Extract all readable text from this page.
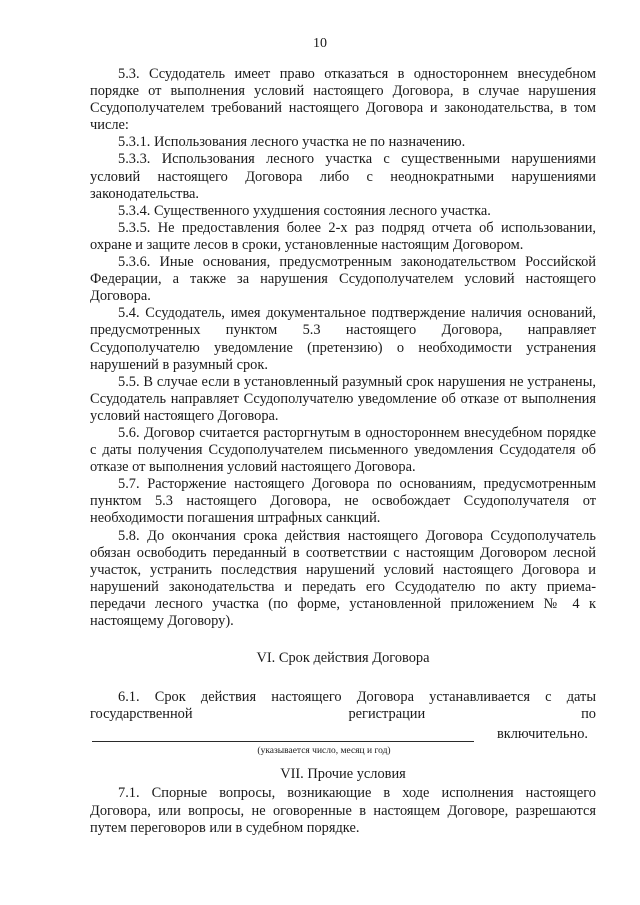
10

5.3. Ссудодатель имеет право отказаться в одностороннем внесудебном порядке от выполнения условий настоящего Договора, в случае нарушения Ссудополучателем требований настоящего Договора и законодательства, в том числе:

5.3.1. Использования лесного участка не по назначению.

5.3.3. Использования лесного участка с существенными нарушениями условий настоящего Договора либо с неоднократными нарушениями законодательства.

5.3.4. Существенного ухудшения состояния лесного участка.

5.3.5. Не предоставления более 2-х раз подряд отчета об использовании, охране и защите лесов в сроки, установленные настоящим Договором.

5.3.6. Иные основания, предусмотренным законодательством Российской Федерации, а также за нарушения Ссудополучателем условий настоящего Договора.

5.4. Ссудодатель, имея документальное подтверждение наличия оснований, предусмотренных пунктом 5.3 настоящего Договора, направляет Ссудополучателю уведомление (претензию) о необходимости устранения нарушений в разумный срок.

5.5. В случае если в установленный разумный срок нарушения не устранены, Ссудодатель направляет Ссудополучателю уведомление об отказе от выполнения условий настоящего Договора.

5.6. Договор считается расторгнутым в одностороннем внесудебном порядке с даты получения Ссудополучателем письменного уведомления Ссудодателя об отказе от выполнения условий настоящего Договора.

5.7. Расторжение настоящего Договора по основаниям, предусмотренным пунктом 5.3 настоящего Договора, не освобождает Ссудополучателя от необходимости погашения штрафных санкций.

5.8. До окончания срока действия настоящего Договора Ссудополучатель обязан освободить переданный в соответствии с настоящим Договором лесной участок, устранить последствия нарушений условий настоящего Договора и нарушений законодательства и передать его Ссудодателю по акту приема-передачи лесного участка (по форме, установленной приложением № 4 к настоящему Договору).

VI. Срок действия Договора

6.1. Срок действия настоящего Договора устанавливается с даты государственной регистрации по

включительно.
(указывается число, месяц и год)

VII. Прочие условия

7.1. Спорные вопросы, возникающие в ходе исполнения настоящего Договора, или вопросы, не оговоренные в настоящем Договоре, разрешаются путем переговоров или в судебном порядке.
